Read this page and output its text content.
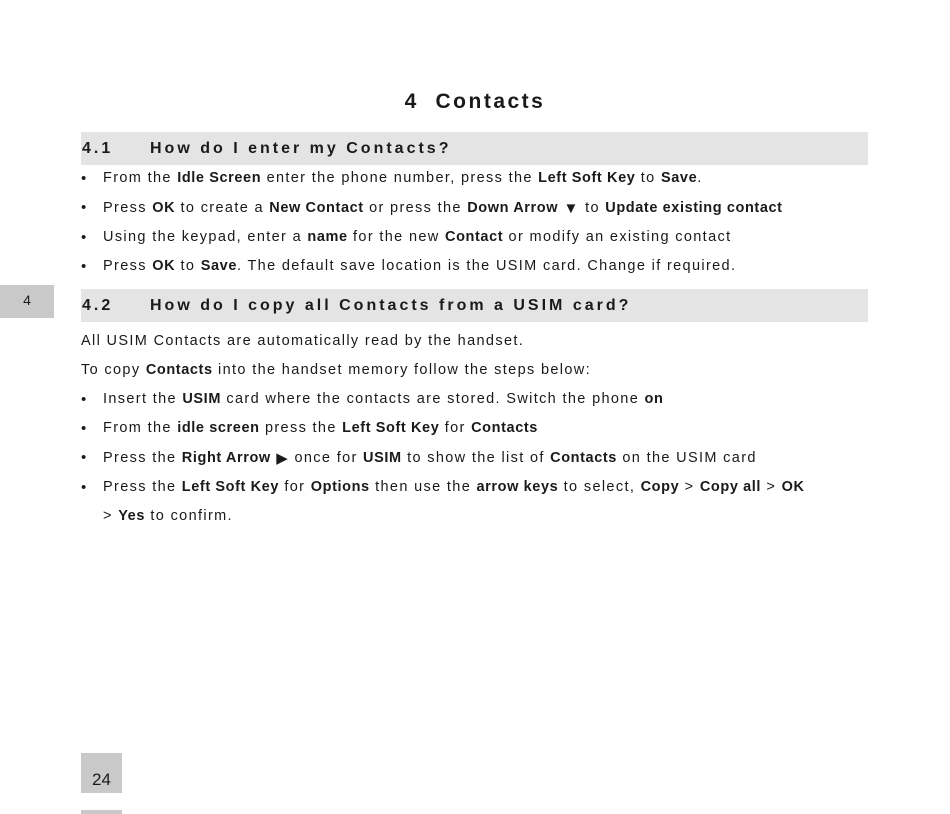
4 Contacts
4.1 How do I enter my Contacts?
• From the Idle Screen enter the phone number, press the Left Soft Key to Save.
• Press OK to create a New Contact or press the Down Arrow ▼ to Update existing contact
• Using the keypad, enter a name for the new Contact or modify an existing contact
• Press OK to Save. The default save location is the USIM card. Change if required.
4	4.2 How do I copy all Contacts from a USIM card?

All USIM Contacts are automatically read by the handset.

To copy Contacts into the handset memory follow the steps below:

• Insert the USIM card where the contacts are stored. Switch the phone on
• From the idle screen press the Left Soft Key for Contacts
• Press the Right Arrow ▶ once for USIM to show the list of Contacts on the USIM card
• Press the Left Soft Key for Options then use the arrow keys to select, Copy > Copy all > OK
> Yes to confirm.
24
